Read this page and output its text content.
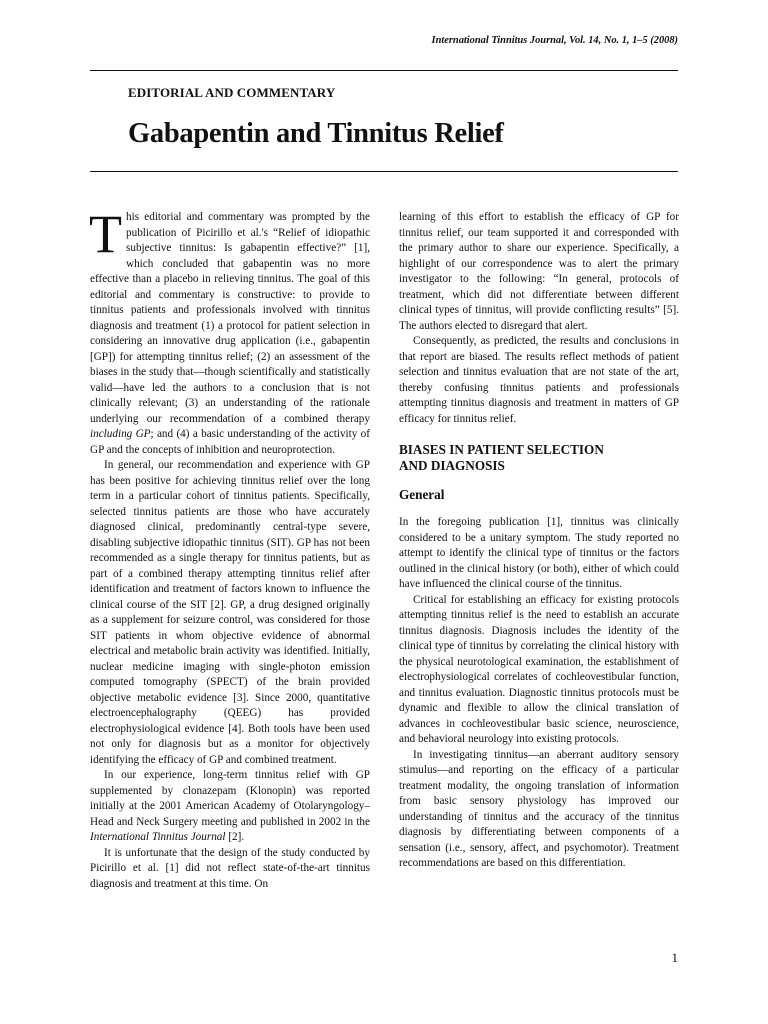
International Tinnitus Journal, Vol. 14, No. 1, 1–5 (2008)
EDITORIAL AND COMMENTARY
Gabapentin and Tinnitus Relief

This editorial and commentary was prompted by the publication of Picirillo et al.'s “Relief of idiopathic subjective tinnitus: Is gabapentin effective?” [1], which concluded that gabapentin was no more effective than a placebo in relieving tinnitus. The goal of this editorial and commentary is constructive: to provide to tinnitus patients and professionals involved with tinnitus diagnosis and treatment (1) a protocol for patient selection in considering an innovative drug application (i.e., gabapentin [GP]) for attempting tinnitus relief; (2) an assessment of the biases in the study that—though scientifically and statistically valid—have led the authors to a conclusion that is not clinically relevant; (3) an understanding of the rationale underlying our recommendation of a combined therapy including GP; and (4) a basic understanding of the activity of GP and the concepts of inhibition and neuroprotection.

In general, our recommendation and experience with GP has been positive for achieving tinnitus relief over the long term in a particular cohort of tinnitus patients. Specifically, selected tinnitus patients are those who have accurately diagnosed clinical, predominantly central-type severe, disabling subjective idiopathic tinnitus (SIT). GP has not been recommended as a single therapy for tinnitus patients, but as part of a combined therapy attempting tinnitus relief after identification and treatment of factors known to influence the clinical course of the SIT [2]. GP, a drug designed originally as a supplement for seizure control, was considered for those SIT patients in whom objective evidence of abnormal electrical and metabolic brain activity was identified. Initially, nuclear medicine imaging with single-photon emission computed tomography (SPECT) of the brain provided objective metabolic evidence [3]. Since 2000, quantitative electroencephalography (QEEG) has provided electrophysiological evidence [4]. Both tools have been used not only for diagnosis but as a monitor for objectively identifying the efficacy of GP and combined treatment.

In our experience, long-term tinnitus relief with GP supplemented by clonazepam (Klonopin) was reported initially at the 2001 American Academy of Otolaryngology–Head and Neck Surgery meeting and published in 2002 in the International Tinnitus Journal [2].

It is unfortunate that the design of the study conducted by Picirillo et al. [1] did not reflect state-of-the-art tinnitus diagnosis and treatment at this time. On

learning of this effort to establish the efficacy of GP for tinnitus relief, our team supported it and corresponded with the primary author to share our experience. Specifically, a highlight of our correspondence was to alert the primary investigator to the following: “In general, protocols of treatment, which did not differentiate between different clinical types of tinnitus, will provide conflicting results” [5]. The authors elected to disregard that alert.

Consequently, as predicted, the results and conclusions in that report are biased. The results reflect methods of patient selection and tinnitus evaluation that are not state of the art, thereby confusing tinnitus patients and professionals attempting tinnitus diagnosis and treatment in matters of GP efficacy for tinnitus relief.

BIASES IN PATIENT SELECTION
AND DIAGNOSIS
General

In the foregoing publication [1], tinnitus was clinically considered to be a unitary symptom. The study reported no attempt to identify the clinical type of tinnitus or the factors outlined in the clinical history (or both), either of which could have influenced the clinical course of the tinnitus.

Critical for establishing an efficacy for existing protocols attempting tinnitus relief is the need to establish an accurate tinnitus diagnosis. Diagnosis includes the identity of the clinical type of tinnitus by correlating the clinical history with the physical neurotological examination, the establishment of electrophysiological correlates of cochleovestibular function, and tinnitus evaluation. Diagnostic tinnitus protocols must be dynamic and flexible to allow the clinical translation of advances in cochleovestibular basic science, neuroscience, and behavioral neurology into existing protocols.

In investigating tinnitus—an aberrant auditory sensory stimulus—and reporting on the efficacy of a particular treatment modality, the ongoing translation of information from basic sensory physiology has improved our understanding of tinnitus and the accuracy of the tinnitus diagnosis by differentiating between components of a sensation (i.e., sensory, affect, and psychomotor). Treatment recommendations are based on this differentiation.

1
